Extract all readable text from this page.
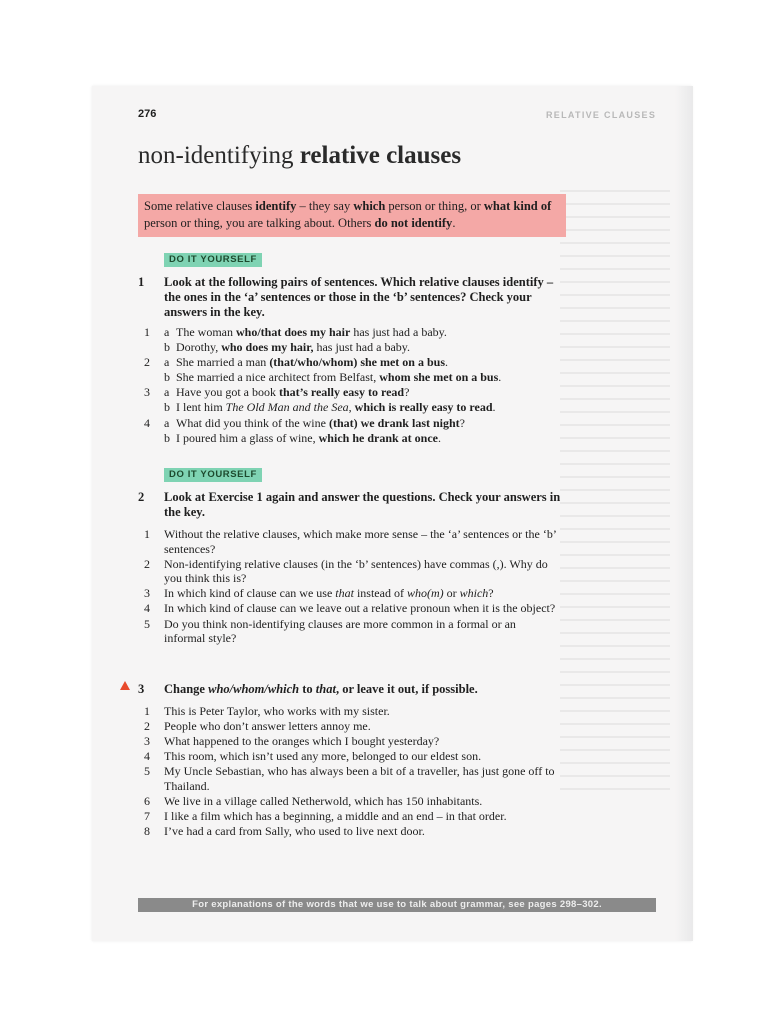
276	RELATIVE CLAUSES
non-identifying relative clauses
Some relative clauses identify – they say which person or thing, or what kind of person or thing, you are talking about. Others do not identify.
DO IT YOURSELF
1 Look at the following pairs of sentences. Which relative clauses identify – the ones in the ‘a’ sentences or those in the ‘b’ sentences? Check your answers in the key.
1 a The woman who/that does my hair has just had a baby.
b Dorothy, who does my hair, has just had a baby.
2 a She married a man (that/who/whom) she met on a bus.
b She married a nice architect from Belfast, whom she met on a bus.
3 a Have you got a book that’s really easy to read?
b I lent him The Old Man and the Sea, which is really easy to read.
4 a What did you think of the wine (that) we drank last night?
b I poured him a glass of wine, which he drank at once.
DO IT YOURSELF
2 Look at Exercise 1 again and answer the questions. Check your answers in the key.
1 Without the relative clauses, which make more sense – the ‘a’ sentences or the ‘b’ sentences?
2 Non-identifying relative clauses (in the ‘b’ sentences) have commas (,). Why do you think this is?
3 In which kind of clause can we use that instead of who(m) or which?
4 In which kind of clause can we leave out a relative pronoun when it is the object?
5 Do you think non-identifying clauses are more common in a formal or an informal style?
3 Change who/whom/which to that, or leave it out, if possible.
1 This is Peter Taylor, who works with my sister.
2 People who don’t answer letters annoy me.
3 What happened to the oranges which I bought yesterday?
4 This room, which isn’t used any more, belonged to our eldest son.
5 My Uncle Sebastian, who has always been a bit of a traveller, has just gone off to Thailand.
6 We live in a village called Netherwold, which has 150 inhabitants.
7 I like a film which has a beginning, a middle and an end – in that order.
8 I’ve had a card from Sally, who used to live next door.
For explanations of the words that we use to talk about grammar, see pages 298–302.
